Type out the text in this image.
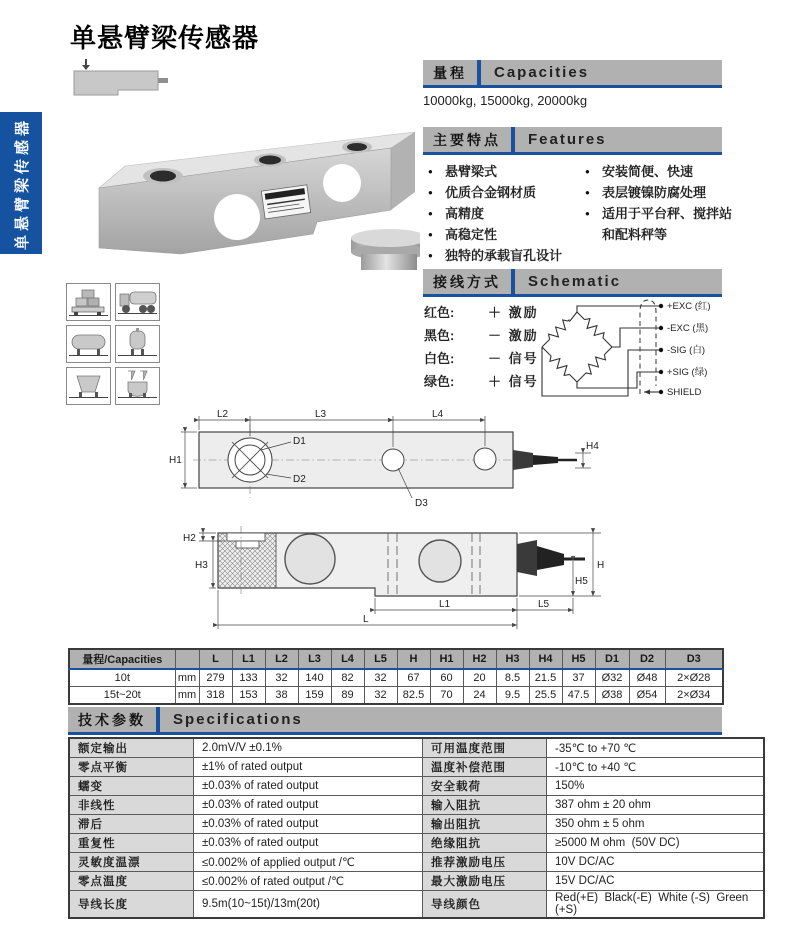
单悬臂梁传感器
单悬臂梁传感器
量程	Capacities
10000kg, 15000kg, 20000kg
主要特点	Features
● 悬臂梁式
● 优质合金钢材质
● 高精度
● 高稳定性
● 独特的承载盲孔设计
● 安装简便、快速
● 表层镀镍防腐处理
● 适用于平台秤、搅拌站和配料秤等
接线方式	Schematic
红色:	＋ 激励
黑色:	－ 激励
白色:	－ 信号
绿色:	＋ 信号
+EXC (红)
-EXC (黑)
-SIG (白)
+SIG (绿)
SHIELD
L2	L3	L4
H1
H4
D1
D2
D3
H2
H3	H
H5
L1	L5
L
量程/Capacities		L	L1	L2	L3	L4	L5	H	H1	H2	H3	H4	H5	D1	D2	D3
10t	mm	279	133	32	140	82	32	67	60	20	8.5	21.5	37	Ø32	Ø48	2×Ø28
15t~20t	mm	318	153	38	159	89	32	82.5	70	24	9.5	25.5	47.5	Ø38	Ø54	2×Ø34
技术参数	Specifications
额定输出	2.0mV/V ±0.1%	可用温度范围	-35℃ to +70 ℃
零点平衡	±1% of rated output	温度补偿范围	-10℃ to +40 ℃
蠕变	±0.03% of rated output	安全载荷	150%
非线性	±0.03% of rated output	输入阻抗	387 ohm ± 20 ohm
滞后	±0.03% of rated output	输出阻抗	350 ohm ± 5 ohm
重复性	±0.03% of rated output	绝缘阻抗	≥5000 M ohm  (50V DC)
灵敏度温漂	≤0.002% of applied output /℃	推荐激励电压	10V DC/AC
零点温度	≤0.002% of rated output /℃	最大激励电压	15V DC/AC
导线长度	9.5m(10~15t)/13m(20t)	导线颜色	Red(+E)  Black(-E)  White (-S)  Green (+S)
